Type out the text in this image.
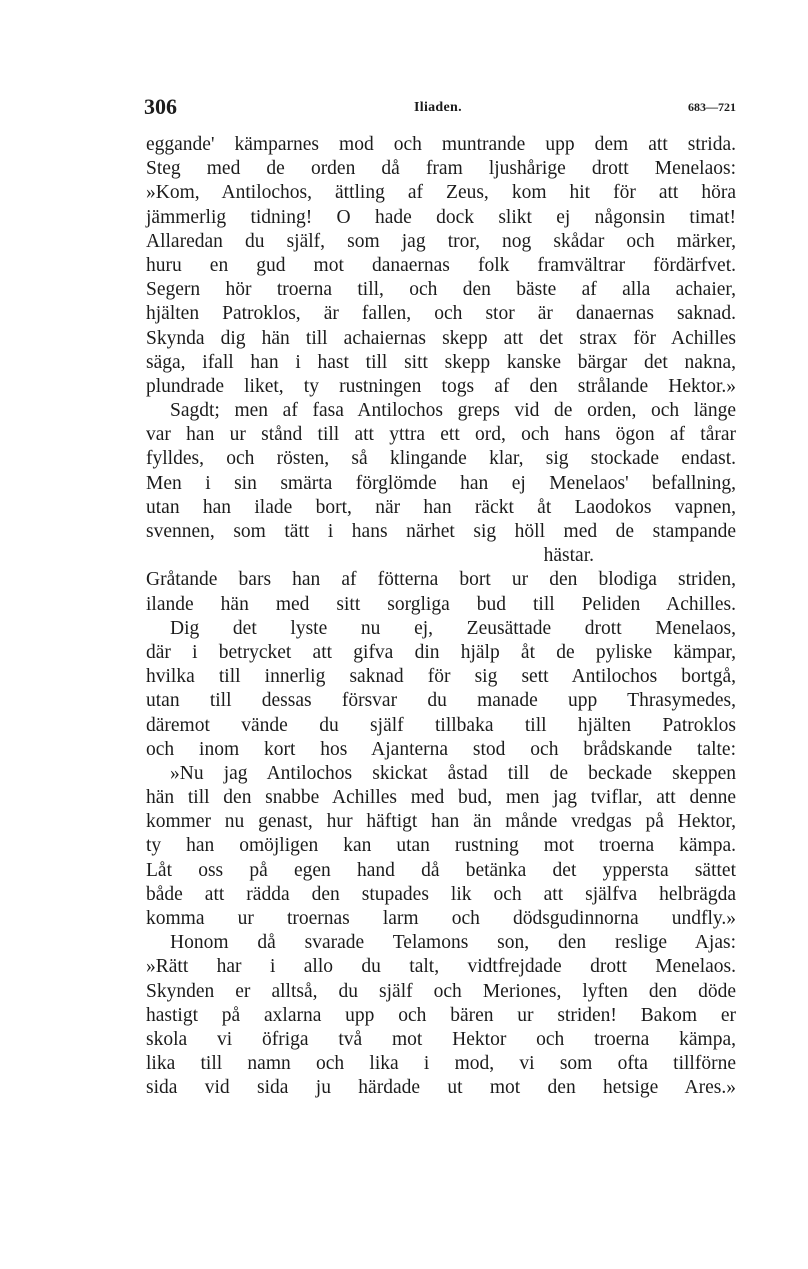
306	Iliaden.	683—721
eggande' kämparnes mod och muntrande upp dem att strida.
Steg med de orden då fram ljushårige drott Menelaos:
»Kom, Antilochos, ättling af Zeus, kom hit för att höra
jämmerlig tidning! O hade dock slikt ej någonsin timat!
Allaredan du själf, som jag tror, nog skådar och märker,
huru en gud mot danaernas folk framvältrar fördärfvet.
Segern hör troerna till, och den bäste af alla achaier,
hjälten Patroklos, är fallen, och stor är danaernas saknad.
Skynda dig hän till achaiernas skepp att det strax för Achilles
säga, ifall han i hast till sitt skepp kanske bärgar det nakna,
plundrade liket, ty rustningen togs af den strålande Hektor.»
Sagdt; men af fasa Antilochos greps vid de orden, och länge
var han ur stånd till att yttra ett ord, och hans ögon af tårar
fylldes, och rösten, så klingande klar, sig stockade endast.
Men i sin smärta förglömde han ej Menelaos' befallning,
utan han ilade bort, när han räckt åt Laodokos vapnen,
svennen, som tätt i hans närhet sig höll med de stampande
hästar.
Gråtande bars han af fötterna bort ur den blodiga striden,
ilande hän med sitt sorgliga bud till Peliden Achilles.
Dig det lyste nu ej, Zeusättade drott Menelaos,
där i betrycket att gifva din hjälp åt de pyliske kämpar,
hvilka till innerlig saknad för sig sett Antilochos bortgå,
utan till dessas försvar du manade upp Thrasymedes,
däremot vände du själf tillbaka till hjälten Patroklos
och inom kort hos Ajanterna stod och brådskande talte:
»Nu jag Antilochos skickat åstad till de beckade skeppen
hän till den snabbe Achilles med bud, men jag tviflar, att denne
kommer nu genast, hur häftigt han än månde vredgas på Hektor,
ty han omöjligen kan utan rustning mot troerna kämpa.
Låt oss på egen hand då betänka det yppersta sättet
både att rädda den stupades lik och att själfva helbrägda
komma ur troernas larm och dödsgudinnorna undfly.»
Honom då svarade Telamons son, den reslige Ajas:
»Rätt har i allo du talt, vidtfrejdade drott Menelaos.
Skynden er alltså, du själf och Meriones, lyften den döde
hastigt på axlarna upp och bären ur striden! Bakom er
skola vi öfriga två mot Hektor och troerna kämpa,
lika till namn och lika i mod, vi som ofta tillförne
sida vid sida ju härdade ut mot den hetsige Ares.»
